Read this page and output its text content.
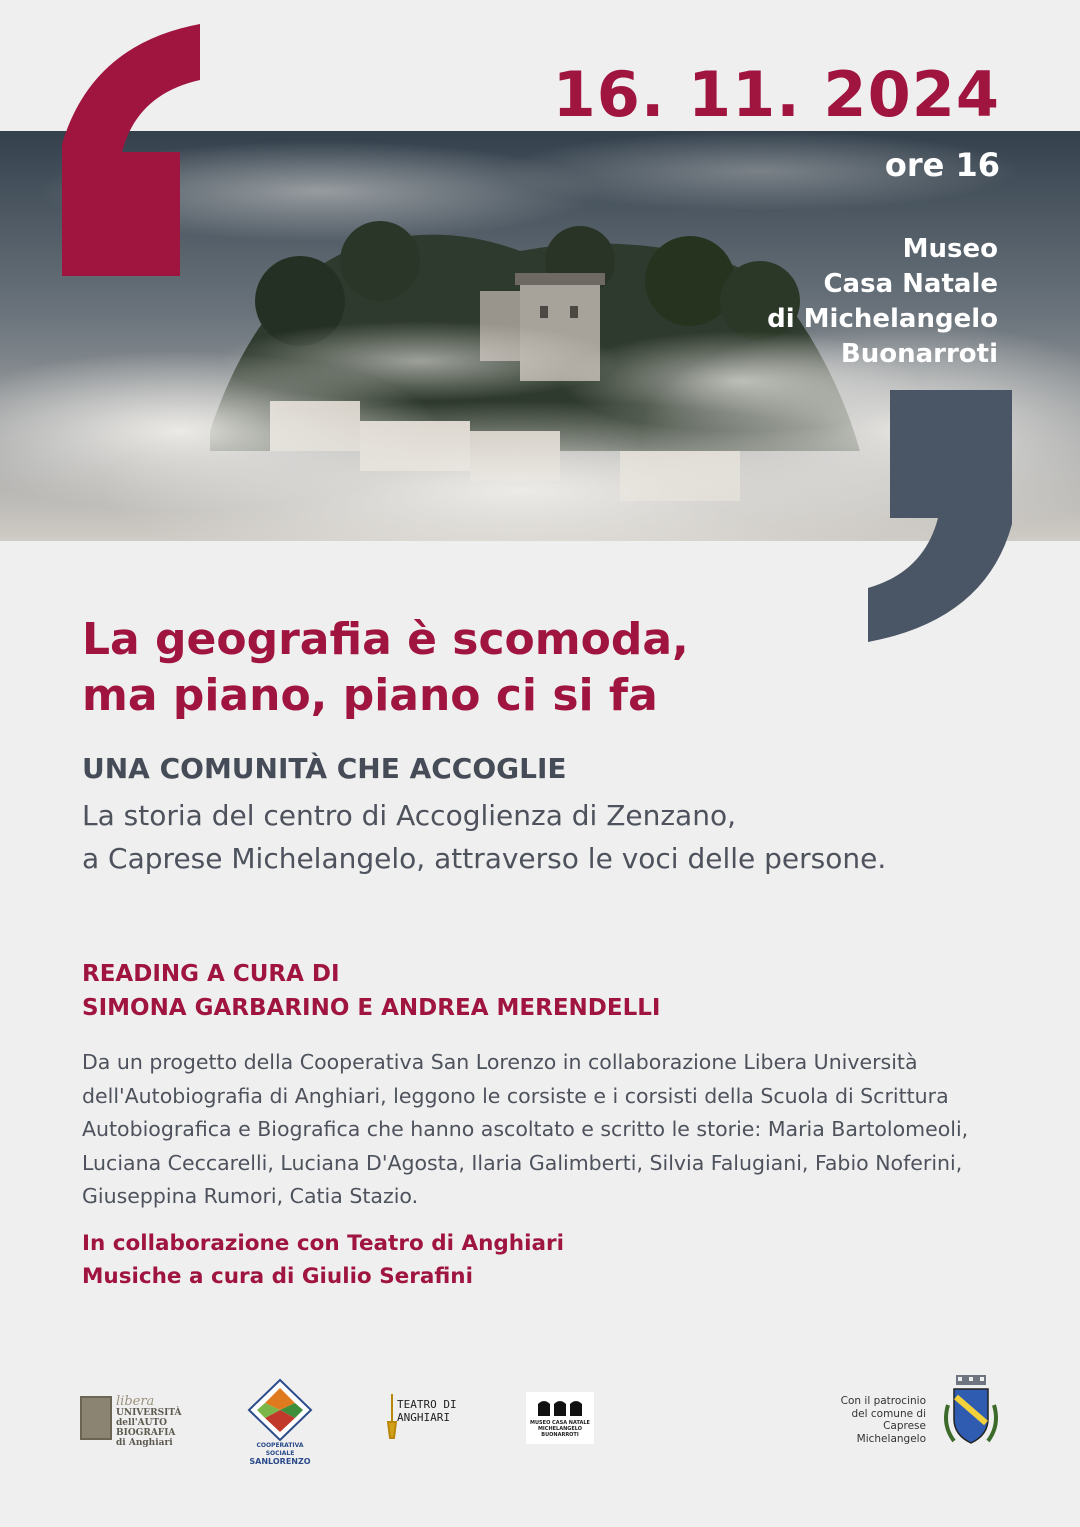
16. 11. 2024
ore 16
Museo
Casa Natale
di Michelangelo
Buonarroti
La geografia è scomoda,
ma piano, piano ci si fa
UNA COMUNITÀ CHE ACCOGLIE
La storia del centro di Accoglienza di Zenzano,
a Caprese Michelangelo, attraverso le voci delle persone.
READING A CURA DI
SIMONA GARBARINO E ANDREA MERENDELLI
Da un progetto della Cooperativa San Lorenzo in collaborazione Libera Università dell'Autobiografia di Anghiari, leggono le corsiste e i corsisti della Scuola di Scrittura Autobiografica e Biografica che hanno ascoltato e scritto le storie: Maria Bartolomeoli, Luciana Ceccarelli, Luciana D'Agosta, Ilaria Galimberti, Silvia Falugiani, Fabio Noferini, Giuseppina Rumori, Catia Stazio.
In collaborazione con Teatro di Anghiari
Musiche a cura di Giulio Serafini
libera
UNIVERSITÀ
dell'AUTO
BIOGRAFIA
di Anghiari	COOPERATIVA SOCIALE
SANLORENZO
TEATRO DI
ANGHIARI	MUSEO CASA NATALE
MICHELANGELO
BUONARROTI
Con il patrocinio
del comune di
Caprese
Michelangelo
